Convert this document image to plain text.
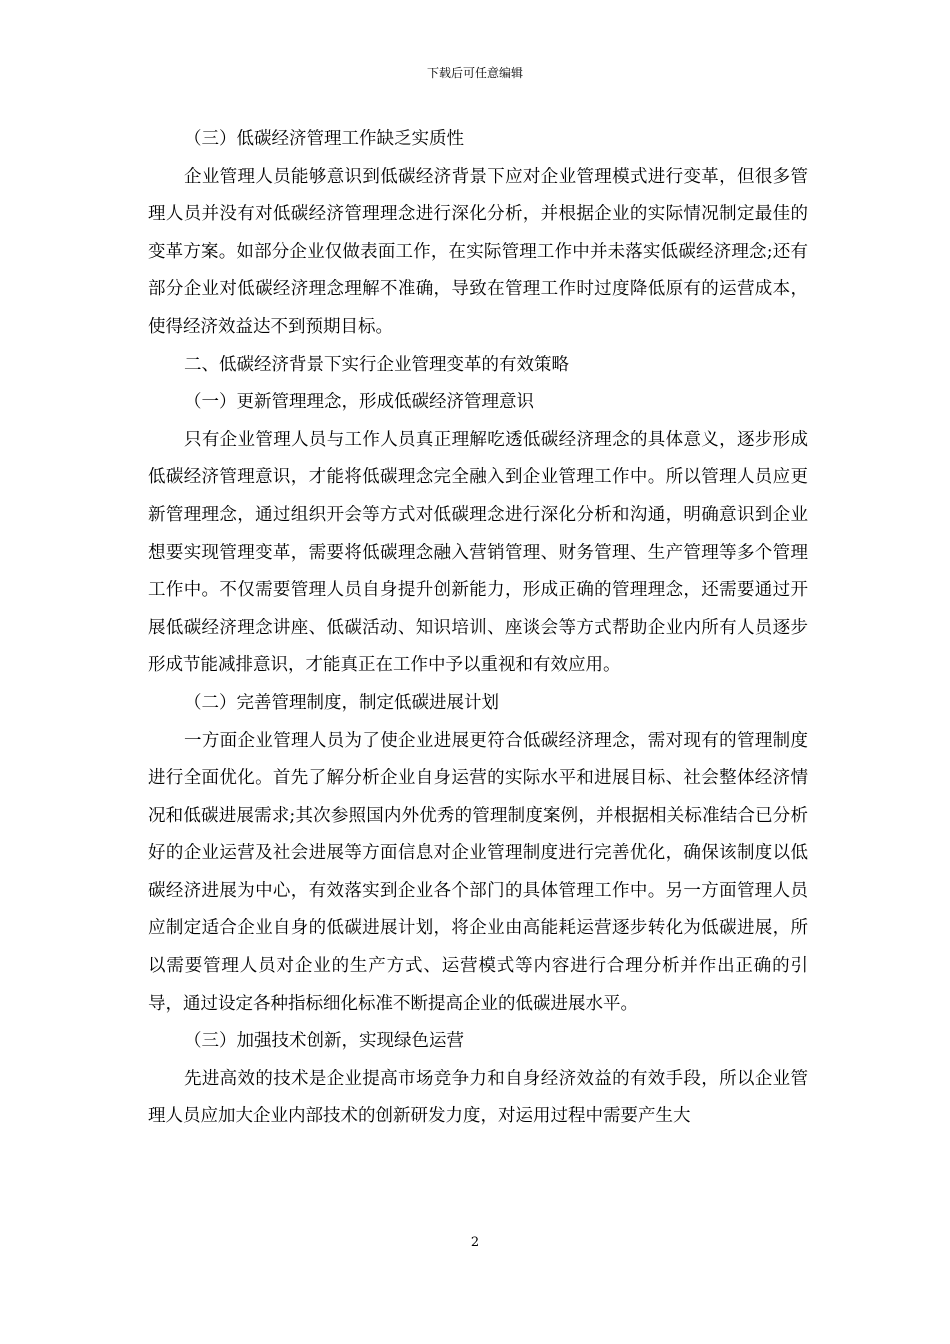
下载后可任意编辑

（三）低碳经济管理工作缺乏实质性

企业管理人员能够意识到低碳经济背景下应对企业管理模式进行变革，但很多管理人员并没有对低碳经济管理理念进行深化分析，并根据企业的实际情况制定最佳的变革方案。如部分企业仅做表面工作，在实际管理工作中并未落实低碳经济理念;还有部分企业对低碳经济理念理解不准确，导致在管理工作时过度降低原有的运营成本，使得经济效益达不到预期目标。

二、低碳经济背景下实行企业管理变革的有效策略

（一）更新管理理念，形成低碳经济管理意识

只有企业管理人员与工作人员真正理解吃透低碳经济理念的具体意义，逐步形成低碳经济管理意识，才能将低碳理念完全融入到企业管理工作中。所以管理人员应更新管理理念，通过组织开会等方式对低碳理念进行深化分析和沟通，明确意识到企业想要实现管理变革，需要将低碳理念融入营销管理、财务管理、生产管理等多个管理工作中。不仅需要管理人员自身提升创新能力，形成正确的管理理念，还需要通过开展低碳经济理念讲座、低碳活动、知识培训、座谈会等方式帮助企业内所有人员逐步形成节能减排意识，才能真正在工作中予以重视和有效应用。

（二）完善管理制度，制定低碳进展计划

一方面企业管理人员为了使企业进展更符合低碳经济理念，需对现有的管理制度进行全面优化。首先了解分析企业自身运营的实际水平和进展目标、社会整体经济情况和低碳进展需求;其次参照国内外优秀的管理制度案例，并根据相关标准结合已分析好的企业运营及社会进展等方面信息对企业管理制度进行完善优化，确保该制度以低碳经济进展为中心，有效落实到企业各个部门的具体管理工作中。另一方面管理人员应制定适合企业自身的低碳进展计划，将企业由高能耗运营逐步转化为低碳进展，所以需要管理人员对企业的生产方式、运营模式等内容进行合理分析并作出正确的引导，通过设定各种指标细化标准不断提高企业的低碳进展水平。

（三）加强技术创新，实现绿色运营

先进高效的技术是企业提高市场竞争力和自身经济效益的有效手段，所以企业管理人员应加大企业内部技术的创新研发力度，对运用过程中需要产生大

2
